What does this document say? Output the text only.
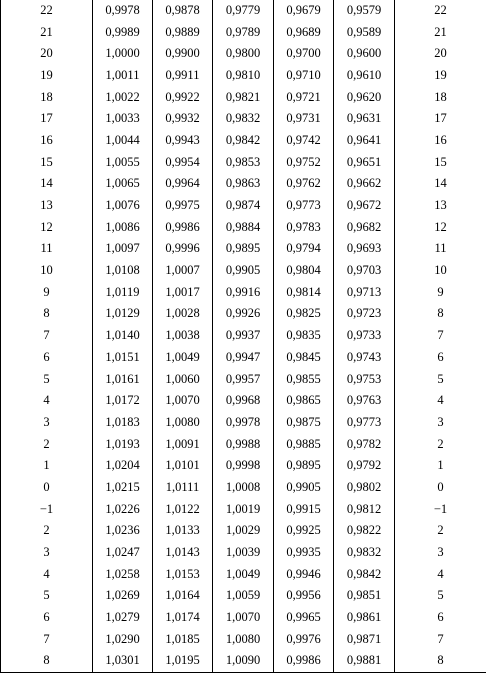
22	0,9978	0,9878	0,9779	0,9679	0,9579	22
21	0,9989	0,9889	0,9789	0,9689	0,9589	21
20	1,0000	0,9900	0,9800	0,9700	0,9600	20
19	1,0011	0,9911	0,9810	0,9710	0,9610	19
18	1,0022	0,9922	0,9821	0,9721	0,9620	18
17	1,0033	0,9932	0,9832	0,9731	0,9631	17
16	1,0044	0,9943	0,9842	0,9742	0,9641	16
15	1,0055	0,9954	0,9853	0,9752	0,9651	15
14	1,0065	0,9964	0,9863	0,9762	0,9662	14
13	1,0076	0,9975	0,9874	0,9773	0,9672	13
12	1,0086	0,9986	0,9884	0,9783	0,9682	12
11	1,0097	0,9996	0,9895	0,9794	0,9693	11
10	1,0108	1,0007	0,9905	0,9804	0,9703	10
9	1,0119	1,0017	0,9916	0,9814	0,9713	9
8	1,0129	1,0028	0,9926	0,9825	0,9723	8
7	1,0140	1,0038	0,9937	0,9835	0,9733	7
6	1,0151	1,0049	0,9947	0,9845	0,9743	6
5	1,0161	1,0060	0,9957	0,9855	0,9753	5
4	1,0172	1,0070	0,9968	0,9865	0,9763	4
3	1,0183	1,0080	0,9978	0,9875	0,9773	3
2	1,0193	1,0091	0,9988	0,9885	0,9782	2
1	1,0204	1,0101	0,9998	0,9895	0,9792	1
0	1,0215	1,0111	1,0008	0,9905	0,9802	0
−1	1,0226	1,0122	1,0019	0,9915	0,9812	−1
2	1,0236	1,0133	1,0029	0,9925	0,9822	2
3	1,0247	1,0143	1,0039	0,9935	0,9832	3
4	1,0258	1,0153	1,0049	0,9946	0,9842	4
5	1,0269	1,0164	1,0059	0,9956	0,9851	5
6	1,0279	1,0174	1,0070	0,9965	0,9861	6
7	1,0290	1,0185	1,0080	0,9976	0,9871	7
8	1,0301	1,0195	1,0090	0,9986	0,9881	8
